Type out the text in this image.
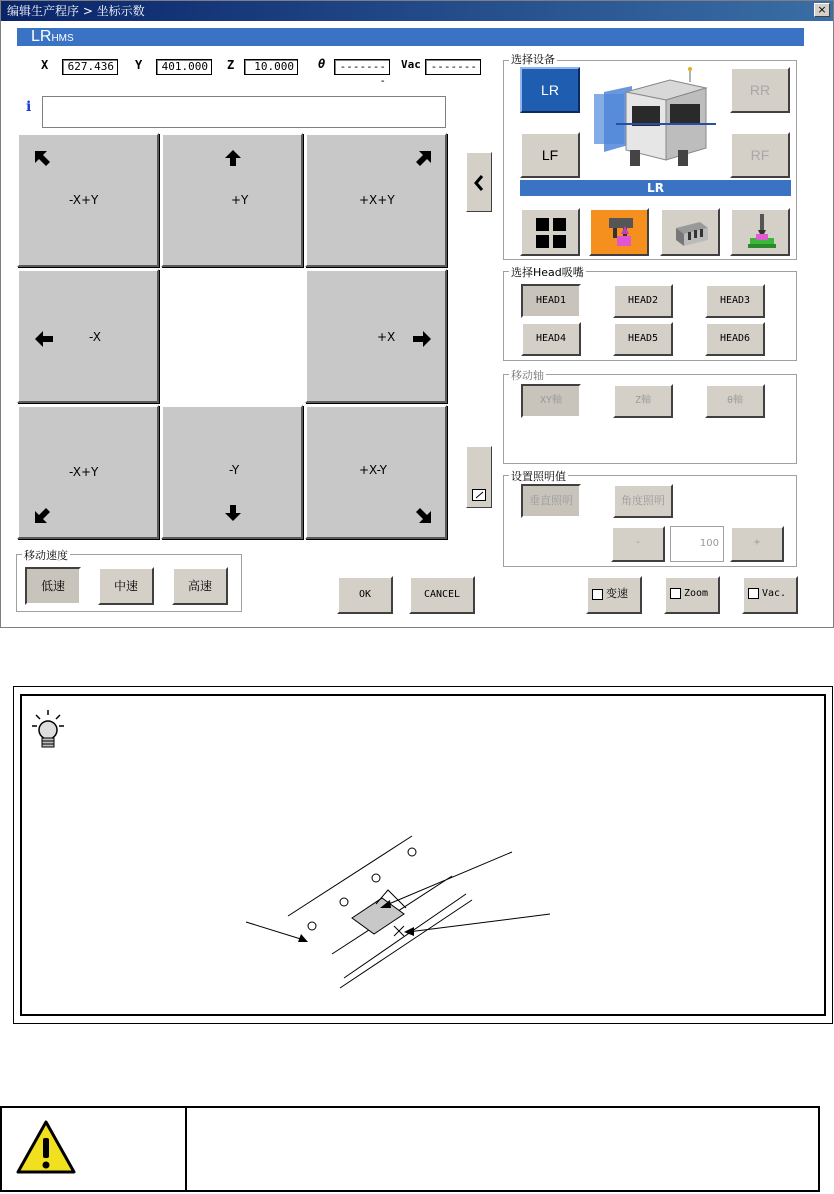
编辑生产程序 > 坐标示数	×
LRHMS
X	627.436	Y	401.000	Z	10.000	θ	--------
Vac -------
i
-X+Y	+Y	+X+Y
-X	+X
-X+Y	-Y	+X-Y
选择设备
LR
LF
RR
RF
LR
选择Head吸嘴
HEAD1	HEAD2	HEAD3
HEAD4	HEAD5	HEAD6
移动轴
XY軸	Z軸	θ軸
设置照明值
垂直照明	角度照明
-	100	+
移动速度
低速	中速	高速
OK	CANCEL	变速	Zoom	Vac.
